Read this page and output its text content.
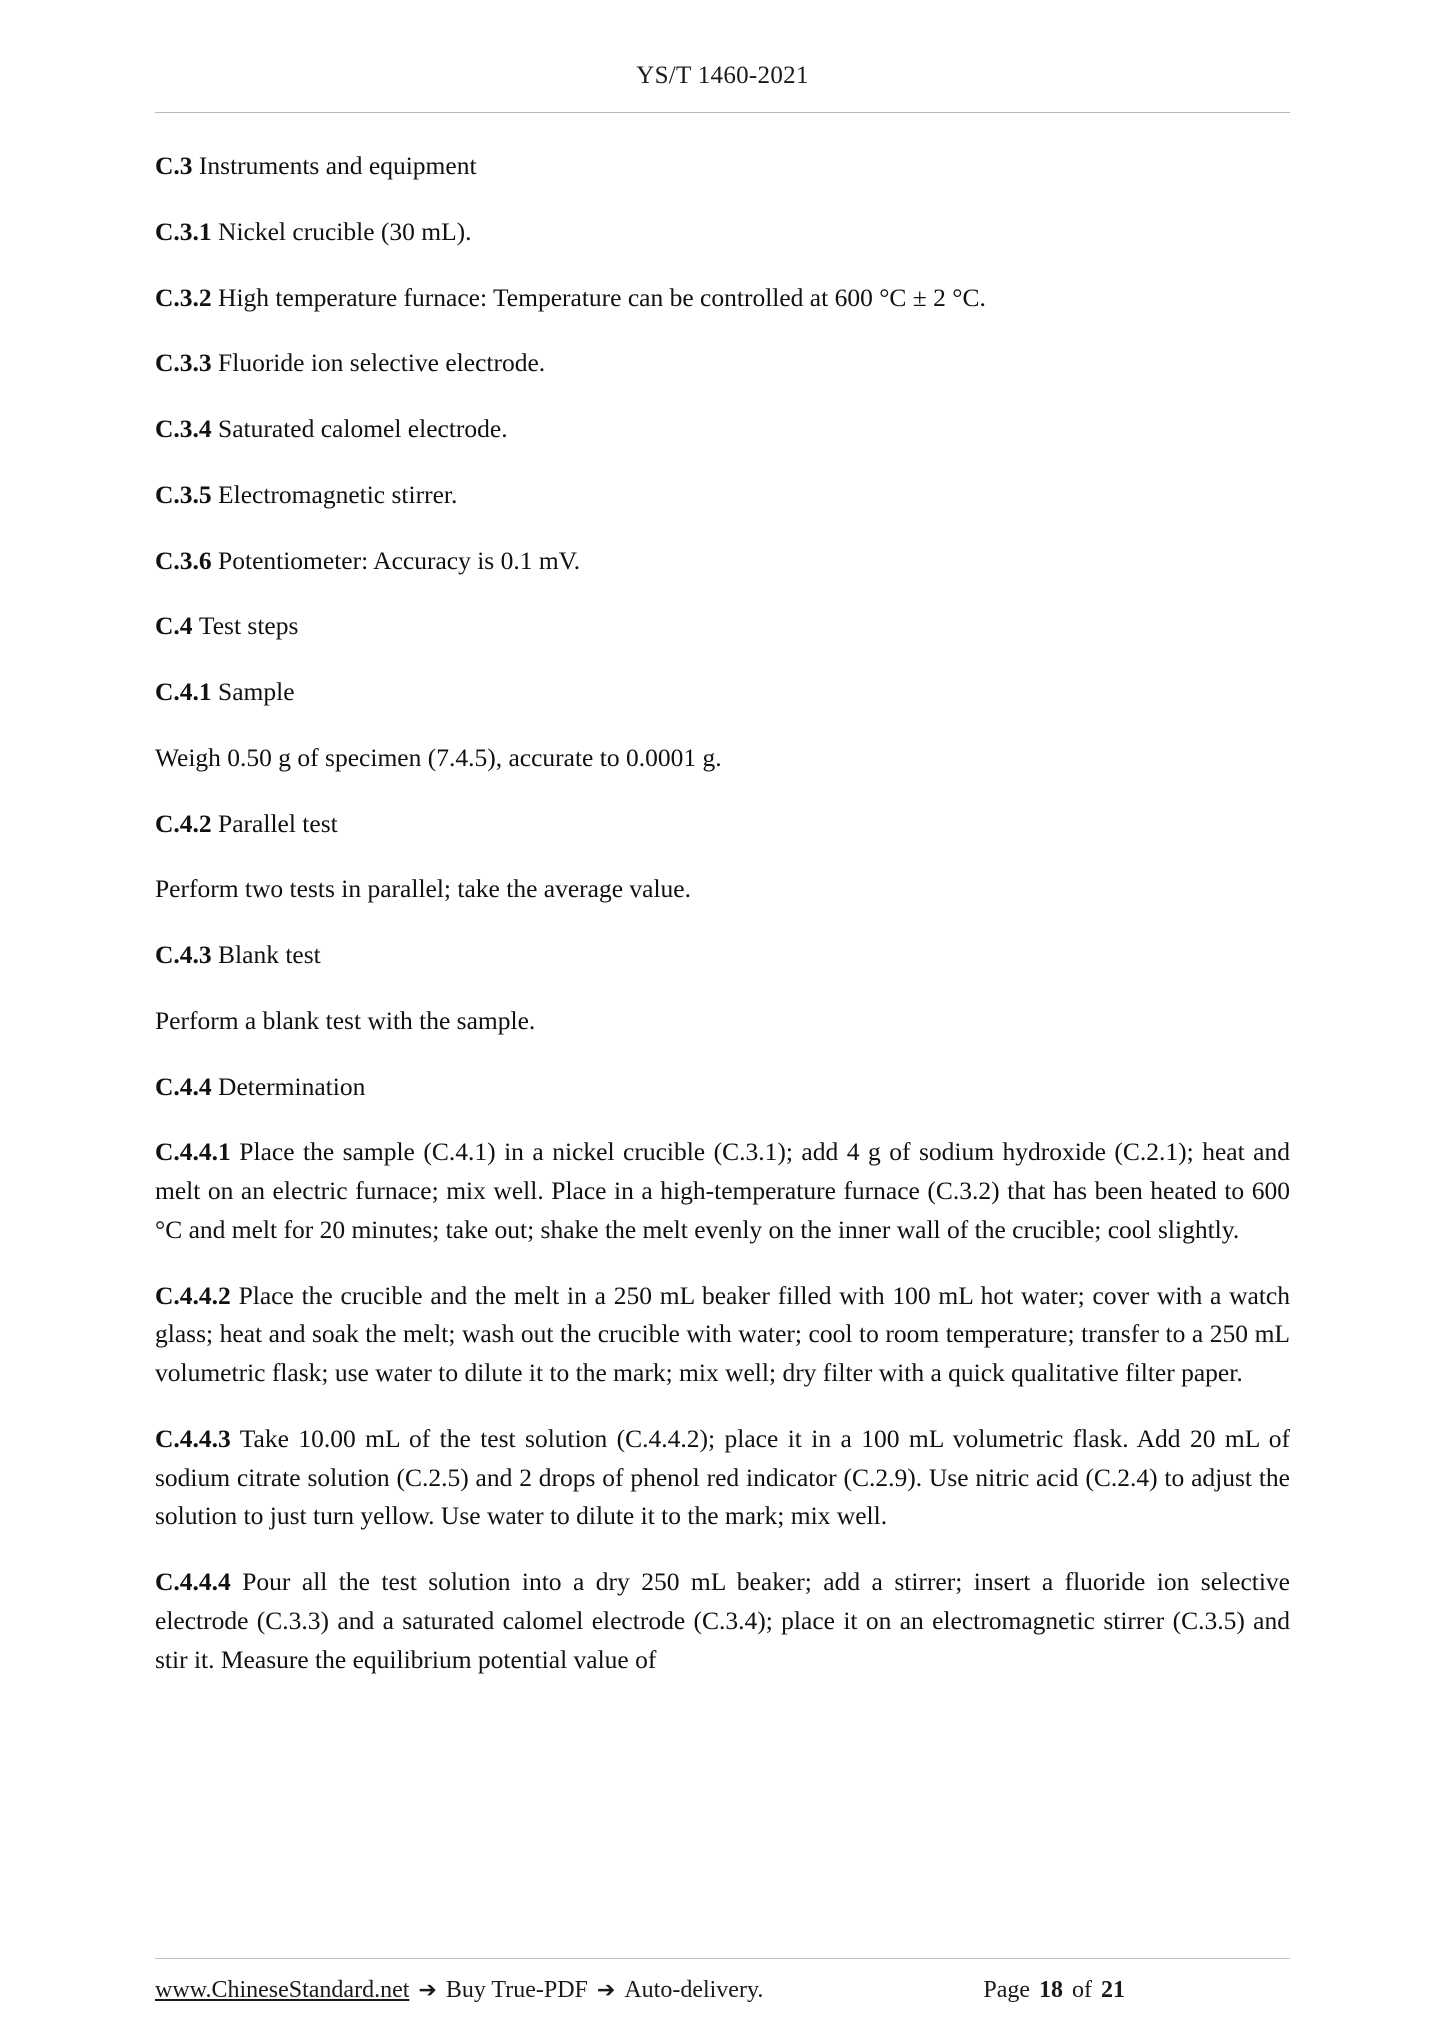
YS/T 1460-2021

C.3 Instruments and equipment

C.3.1 Nickel crucible (30 mL).

C.3.2 High temperature furnace: Temperature can be controlled at 600 °C ± 2 °C.

C.3.3 Fluoride ion selective electrode.

C.3.4 Saturated calomel electrode.

C.3.5 Electromagnetic stirrer.

C.3.6 Potentiometer: Accuracy is 0.1 mV.

C.4 Test steps

C.4.1 Sample

Weigh 0.50 g of specimen (7.4.5), accurate to 0.0001 g.

C.4.2 Parallel test

Perform two tests in parallel; take the average value.

C.4.3 Blank test

Perform a blank test with the sample.

C.4.4 Determination

C.4.4.1 Place the sample (C.4.1) in a nickel crucible (C.3.1); add 4 g of sodium hydroxide (C.2.1); heat and melt on an electric furnace; mix well. Place in a high-temperature furnace (C.3.2) that has been heated to 600 °C and melt for 20 minutes; take out; shake the melt evenly on the inner wall of the crucible; cool slightly.

C.4.4.2 Place the crucible and the melt in a 250 mL beaker filled with 100 mL hot water; cover with a watch glass; heat and soak the melt; wash out the crucible with water; cool to room temperature; transfer to a 250 mL volumetric flask; use water to dilute it to the mark; mix well; dry filter with a quick qualitative filter paper.

C.4.4.3 Take 10.00 mL of the test solution (C.4.4.2); place it in a 100 mL volumetric flask. Add 20 mL of sodium citrate solution (C.2.5) and 2 drops of phenol red indicator (C.2.9). Use nitric acid (C.2.4) to adjust the solution to just turn yellow. Use water to dilute it to the mark; mix well.

C.4.4.4 Pour all the test solution into a dry 250 mL beaker; add a stirrer; insert a fluoride ion selective electrode (C.3.3) and a saturated calomel electrode (C.3.4); place it on an electromagnetic stirrer (C.3.5) and stir it. Measure the equilibrium potential value of

www.ChineseStandard.net ➔ Buy True-PDF ➔ Auto-delivery.	Page 18 of 21
